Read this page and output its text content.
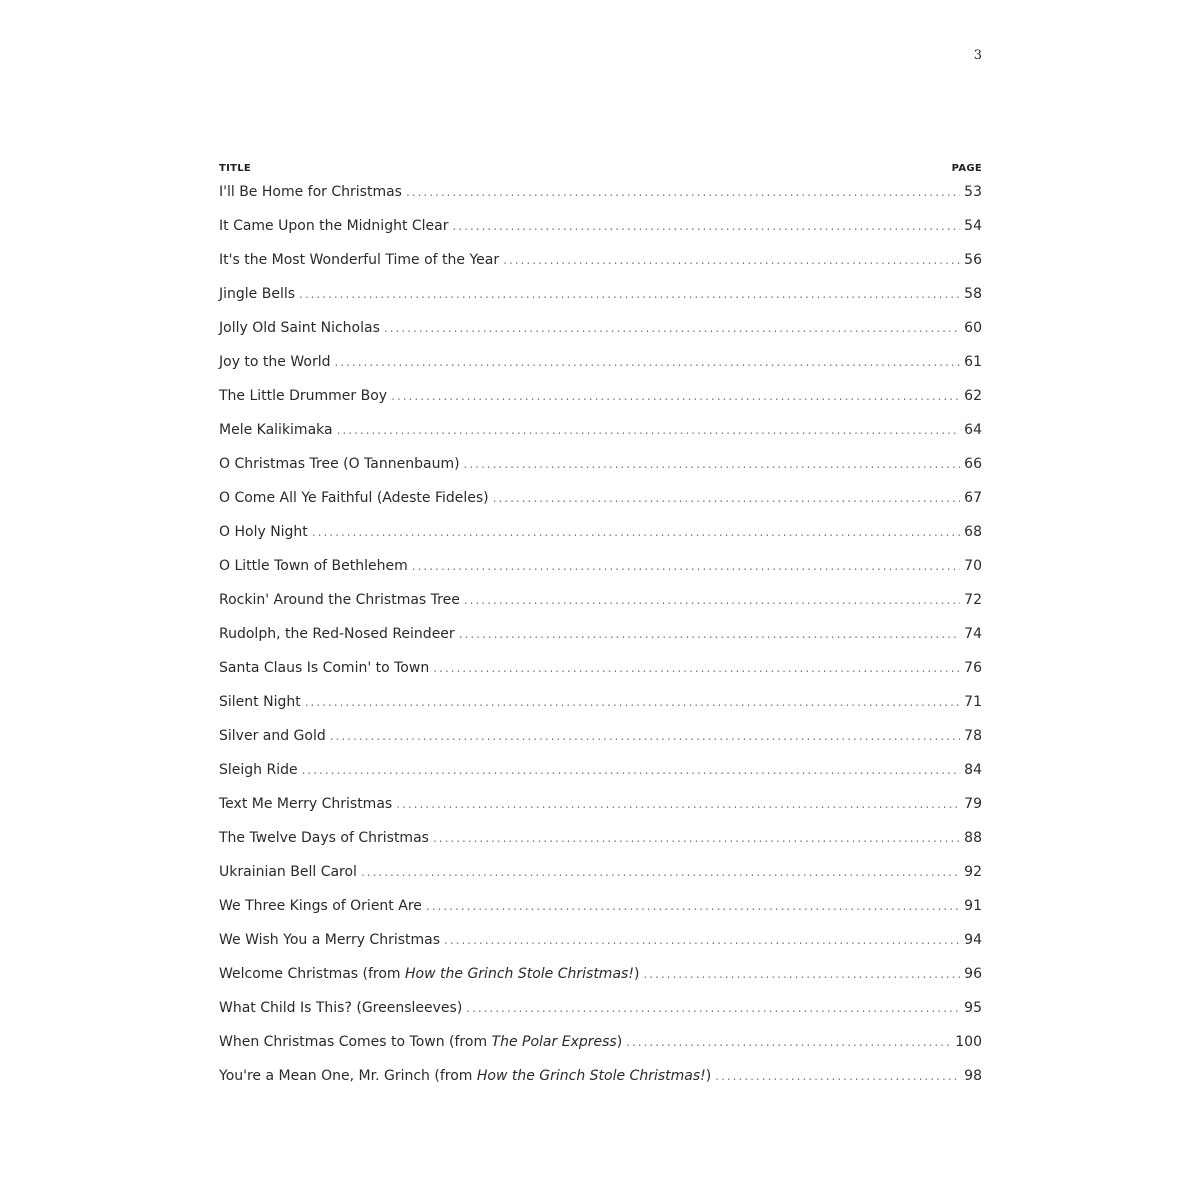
3
TITLE	PAGE
I'll Be Home for Christmas .....	53
It Came Upon the Midnight Clear .....	54
It's the Most Wonderful Time of the Year .....	56
Jingle Bells .....	58
Jolly Old Saint Nicholas .....	60
Joy to the World .....	61
The Little Drummer Boy .....	62
Mele Kalikimaka .....	64
O Christmas Tree (O Tannenbaum) .....	66
O Come All Ye Faithful (Adeste Fideles) .....	67
O Holy Night .....	68
O Little Town of Bethlehem .....	70
Rockin' Around the Christmas Tree .....	72
Rudolph, the Red-Nosed Reindeer .....	74
Santa Claus Is Comin' to Town .....	76
Silent Night .....	71
Silver and Gold .....	78
Sleigh Ride .....	84
Text Me Merry Christmas .....	79
The Twelve Days of Christmas .....	88
Ukrainian Bell Carol .....	92
We Three Kings of Orient Are .....	91
We Wish You a Merry Christmas .....	94
Welcome Christmas (from How the Grinch Stole Christmas!) .....	96
What Child Is This? (Greensleeves) .....	95
When Christmas Comes to Town (from The Polar Express) .....	100
You're a Mean One, Mr. Grinch (from How the Grinch Stole Christmas!) .....	98
